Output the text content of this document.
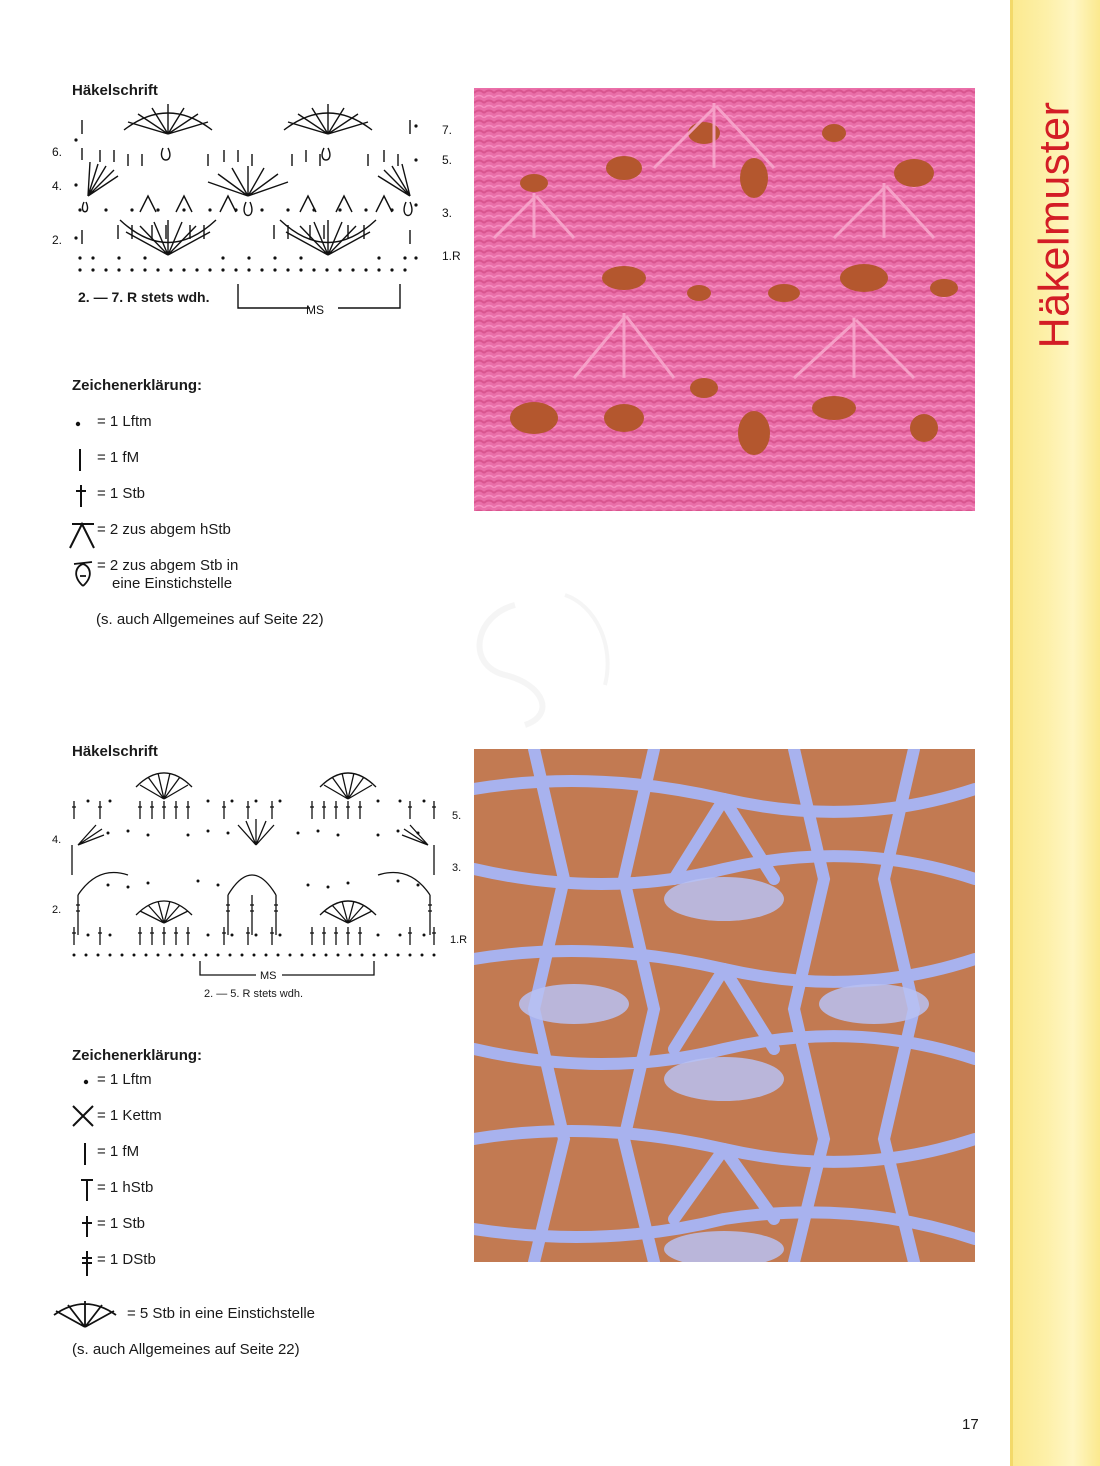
Häkelmuster
Häkelschrift
MS
6.
4.
2.
7.
5.
3.
1.R
2. — 7. R stets wdh.
Zeichenerklärung:
= 1 Lftm
= 1 fM
= 1 Stb
= 2 zus abgem hStb
= 2 zus abgem Stb in
eine Einstichstelle
(s. auch Allgemeines auf Seite 22)
Häkelschrift
MS
4.
2.
5.
3.
1.R
2. — 5. R stets wdh.
Zeichenerklärung:
= 1 Lftm
= 1 Kettm
= 1 fM
= 1 hStb
= 1 Stb
= 1 DStb
= 5 Stb in eine Einstichstelle
(s. auch Allgemeines auf Seite 22)
17
